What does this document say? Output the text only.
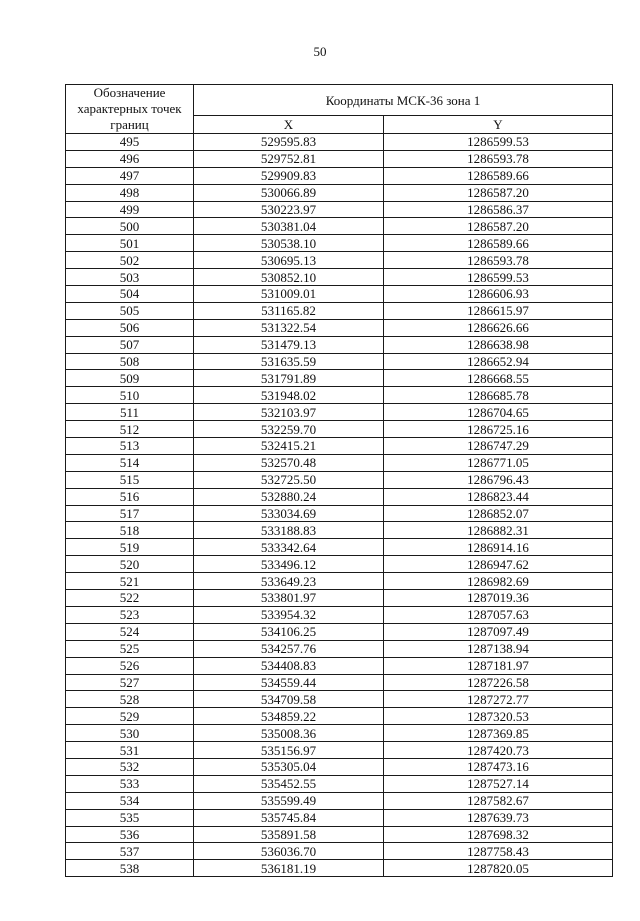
50
Обозначение характерных точек границ	Координаты МСК-36 зона 1	
	X	Y
495	529595.83	1286599.53
496	529752.81	1286593.78
497	529909.83	1286589.66
498	530066.89	1286587.20
499	530223.97	1286586.37
500	530381.04	1286587.20
501	530538.10	1286589.66
502	530695.13	1286593.78
503	530852.10	1286599.53
504	531009.01	1286606.93
505	531165.82	1286615.97
506	531322.54	1286626.66
507	531479.13	1286638.98
508	531635.59	1286652.94
509	531791.89	1286668.55
510	531948.02	1286685.78
511	532103.97	1286704.65
512	532259.70	1286725.16
513	532415.21	1286747.29
514	532570.48	1286771.05
515	532725.50	1286796.43
516	532880.24	1286823.44
517	533034.69	1286852.07
518	533188.83	1286882.31
519	533342.64	1286914.16
520	533496.12	1286947.62
521	533649.23	1286982.69
522	533801.97	1287019.36
523	533954.32	1287057.63
524	534106.25	1287097.49
525	534257.76	1287138.94
526	534408.83	1287181.97
527	534559.44	1287226.58
528	534709.58	1287272.77
529	534859.22	1287320.53
530	535008.36	1287369.85
531	535156.97	1287420.73
532	535305.04	1287473.16
533	535452.55	1287527.14
534	535599.49	1287582.67
535	535745.84	1287639.73
536	535891.58	1287698.32
537	536036.70	1287758.43
538	536181.19	1287820.05
